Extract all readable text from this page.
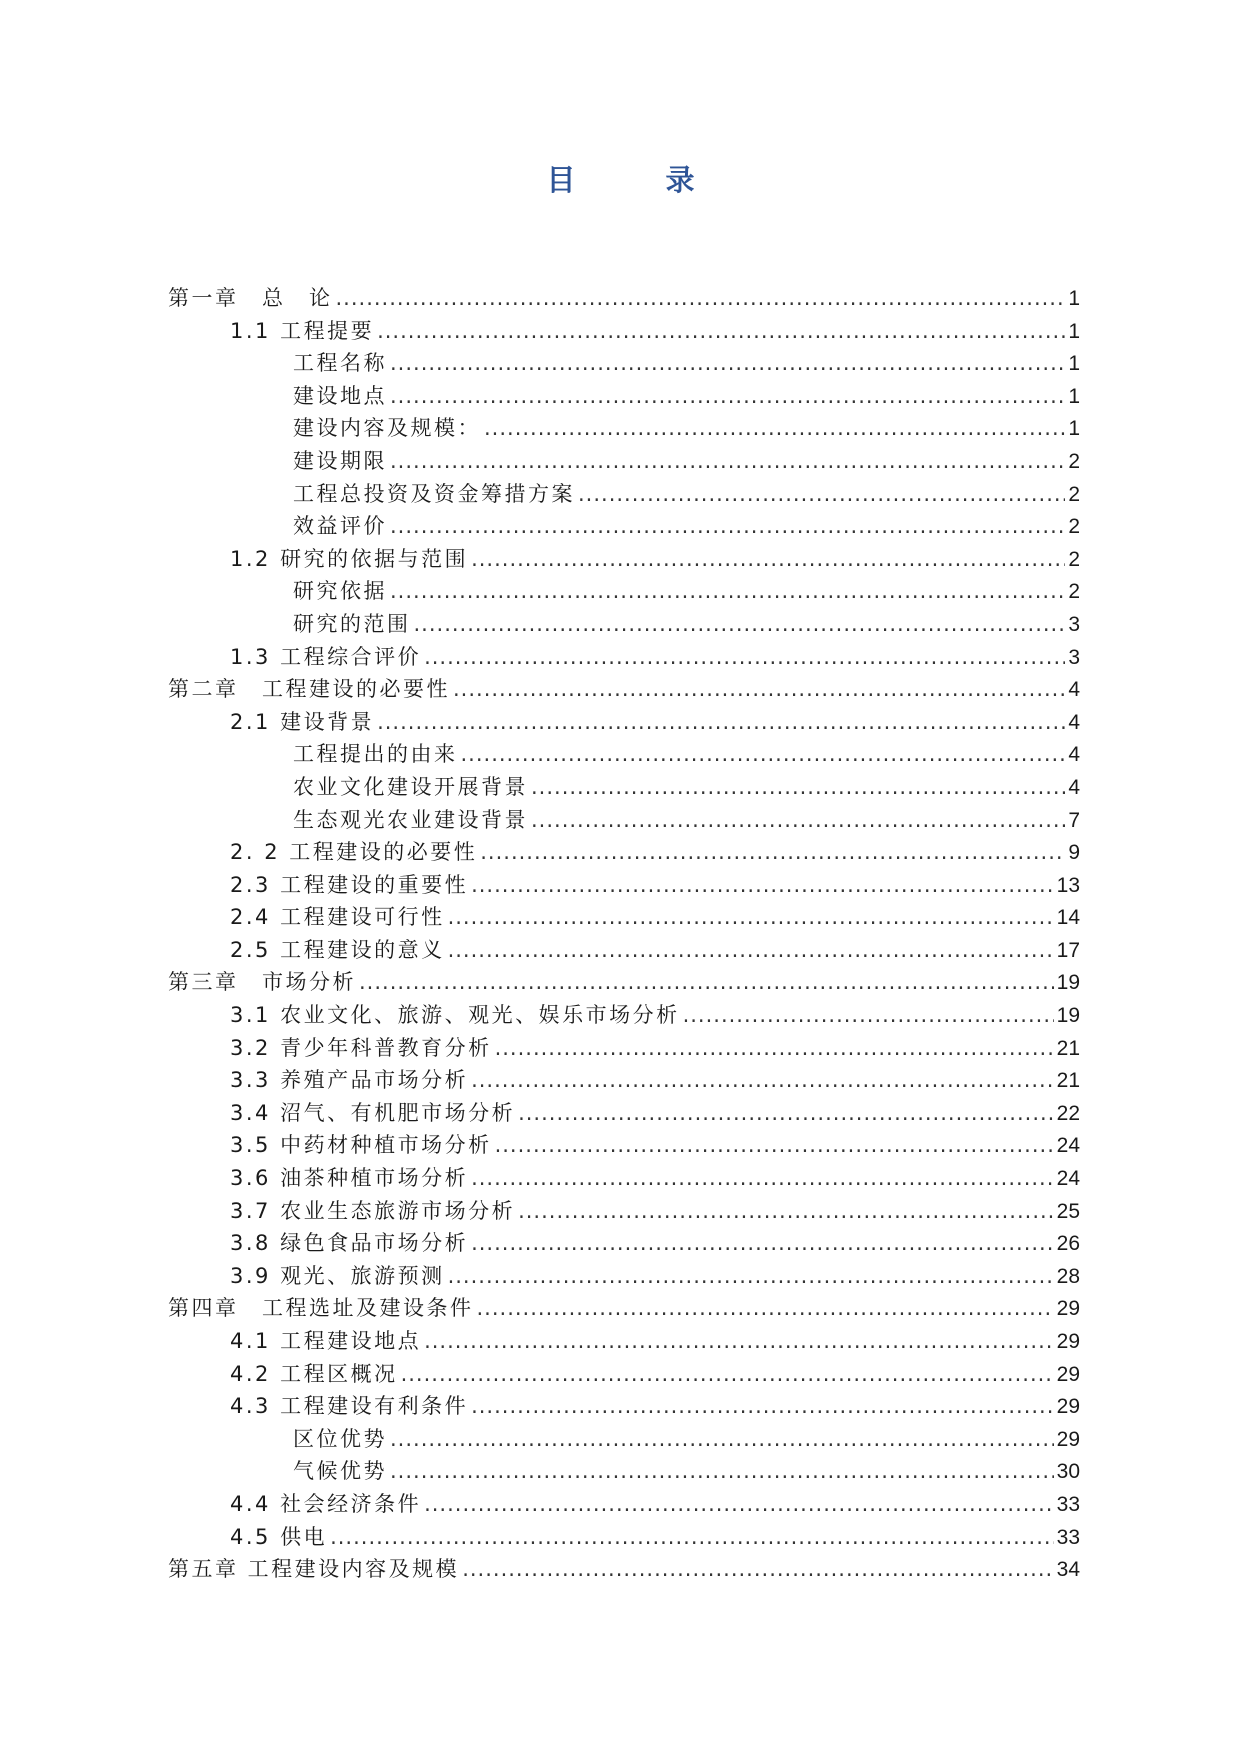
目 录
第一章　总　论 .....	1
1.1 工程提要 .....	1
工程名称 .....	1
建设地点 .....	1
建设内容及规模： .....	1
建设期限 .....	2
工程总投资及资金筹措方案 .....	2
效益评价 .....	2
1.2 研究的依据与范围 .....	2
研究依据 .....	2
研究的范围 .....	3
1.3 工程综合评价 .....	3
第二章　工程建设的必要性 .....	4
2.1 建设背景 .....	4
工程提出的由来 .....	4
农业文化建设开展背景 .....	4
生态观光农业建设背景 .....	7
2. 2 工程建设的必要性 .....	9
2.3 工程建设的重要性 .....	13
2.4 工程建设可行性 .....	14
2.5 工程建设的意义 .....	17
第三章　市场分析 .....	19
3.1 农业文化、旅游、观光、娱乐市场分析 .....	19
3.2 青少年科普教育分析 .....	21
3.3 养殖产品市场分析 .....	21
3.4 沼气、有机肥市场分析 .....	22
3.5 中药材种植市场分析 .....	24
3.6 油茶种植市场分析 .....	24
3.7 农业生态旅游市场分析 .....	25
3.8 绿色食品市场分析 .....	26
3.9 观光、旅游预测 .....	28
第四章　工程选址及建设条件 .....	29
4.1 工程建设地点 .....	29
4.2 工程区概况 .....	29
4.3 工程建设有利条件 .....	29
区位优势 .....	29
气候优势 .....	30
4.4 社会经济条件 .....	33
4.5 供电 .....	33
第五章 工程建设内容及规模 .....	34
